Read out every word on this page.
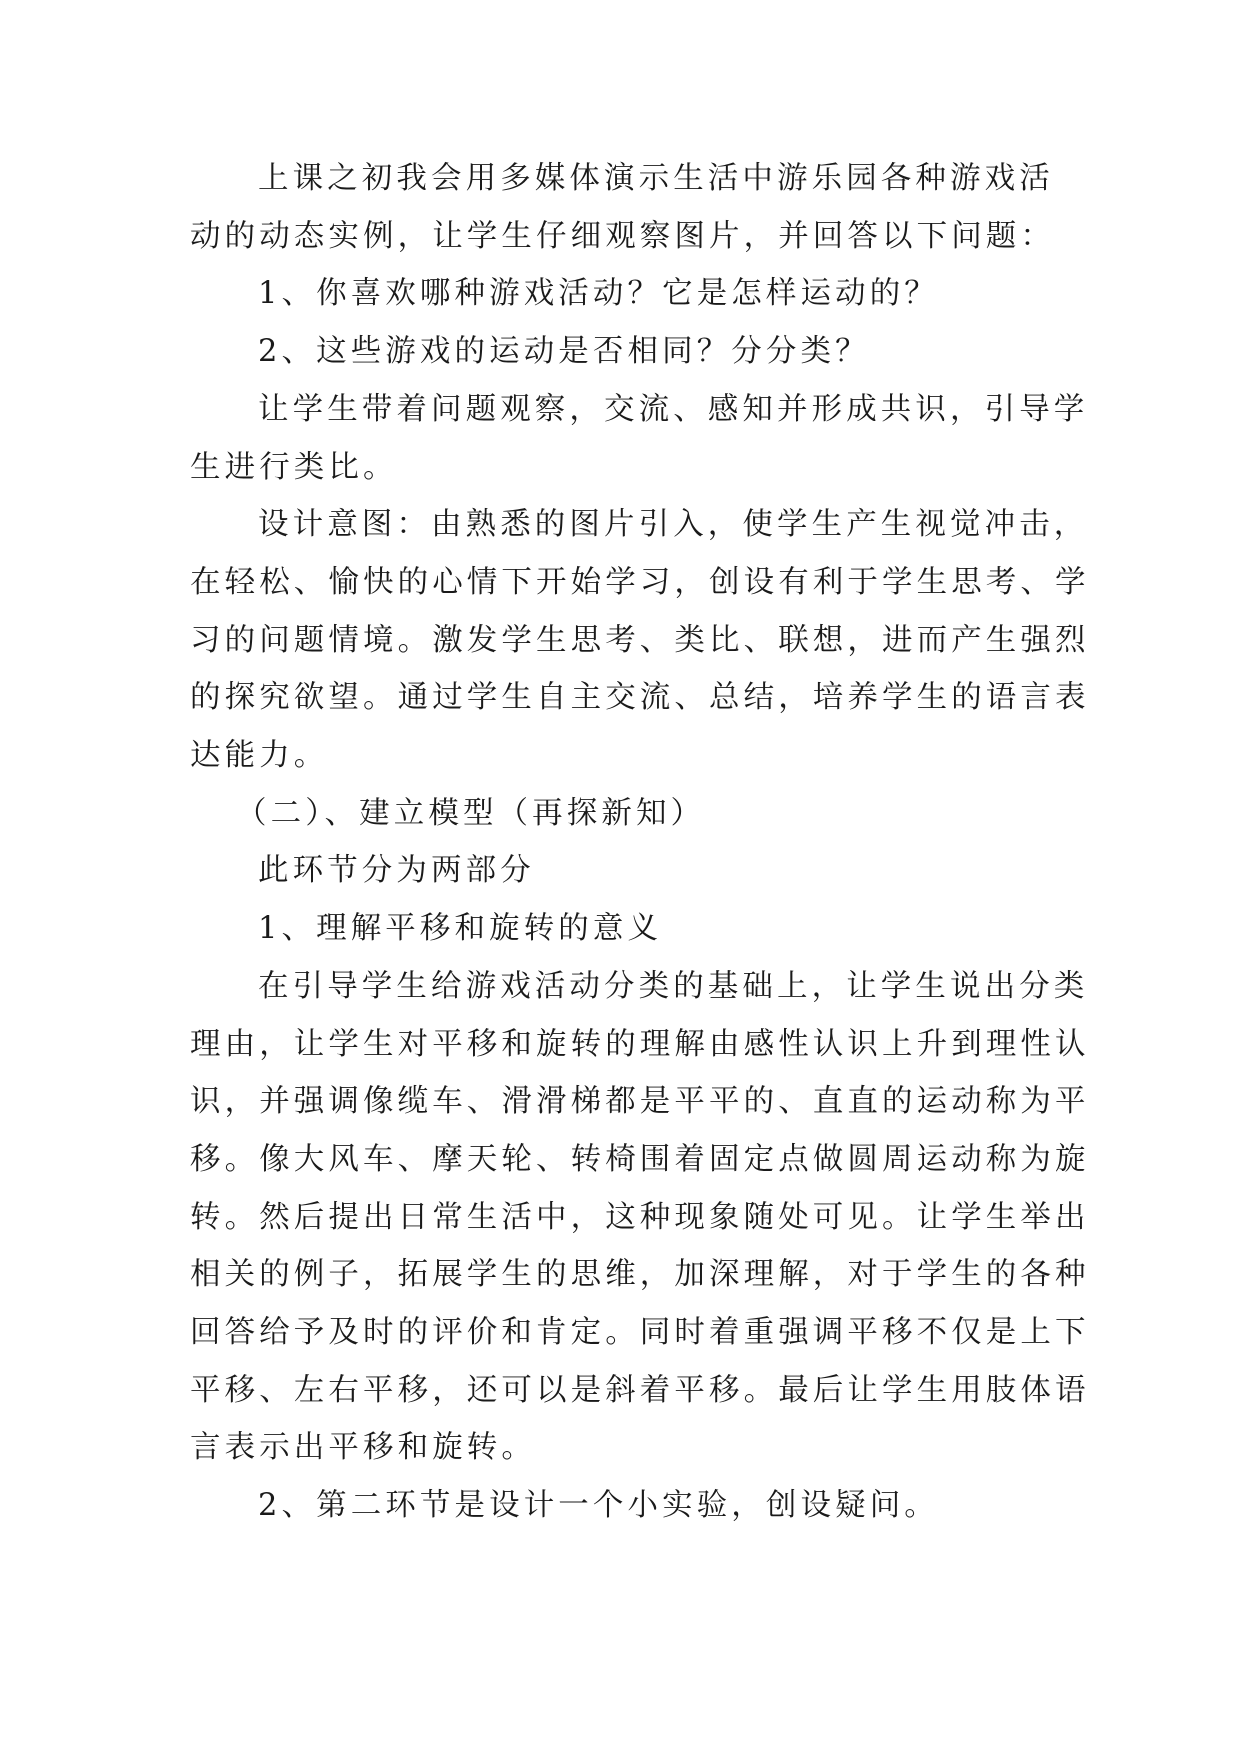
上课之初我会用多媒体演示生活中游乐园各种游戏活
动的动态实例，让学生仔细观察图片，并回答以下问题：
1、你喜欢哪种游戏活动？它是怎样运动的？
2、这些游戏的运动是否相同？分分类？
让学生带着问题观察，交流、感知并形成共识，引导学
生进行类比。
设计意图：由熟悉的图片引入，使学生产生视觉冲击，
在轻松、愉快的心情下开始学习，创设有利于学生思考、学
习的问题情境。激发学生思考、类比、联想，进而产生强烈
的探究欲望。通过学生自主交流、总结，培养学生的语言表
达能力。
（二）、建立模型（再探新知）
此环节分为两部分
1、理解平移和旋转的意义
在引导学生给游戏活动分类的基础上，让学生说出分类
理由，让学生对平移和旋转的理解由感性认识上升到理性认
识，并强调像缆车、滑滑梯都是平平的、直直的运动称为平
移。像大风车、摩天轮、转椅围着固定点做圆周运动称为旋
转。然后提出日常生活中，这种现象随处可见。让学生举出
相关的例子，拓展学生的思维，加深理解，对于学生的各种
回答给予及时的评价和肯定。同时着重强调平移不仅是上下
平移、左右平移，还可以是斜着平移。最后让学生用肢体语
言表示出平移和旋转。
2、第二环节是设计一个小实验，创设疑问。
